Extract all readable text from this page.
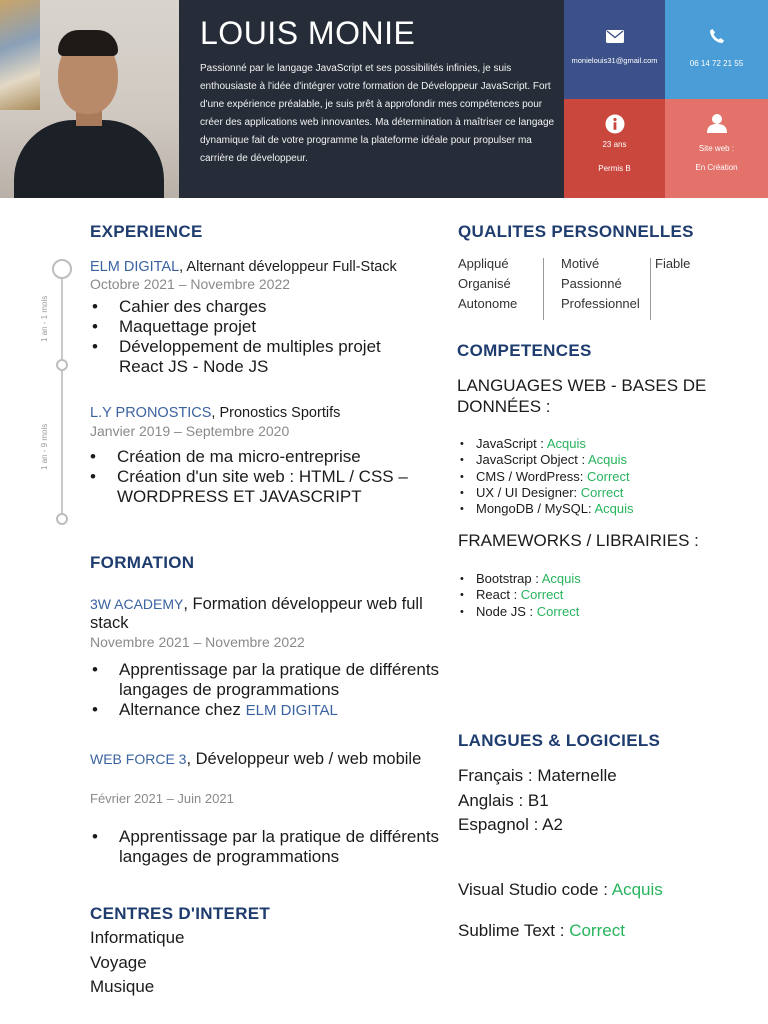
LOUIS MONIE

Passionné par le langage JavaScript et ses possibilités infinies, je suis enthousiaste à l'idée d'intégrer votre formation de Développeur JavaScript. Fort d'une expérience préalable, je suis prêt à approfondir mes compétences pour créer des applications web innovantes. Ma détermination à maîtriser ce langage dynamique fait de votre programme la plateforme idéale pour propulser ma carrière de développeur.

monielouis31@gmail.com	06 14 72 21 55
23 ans
Permis B
Site web :
En Création
EXPERIENCE
1 an - 1 mois
1 an - 9 mois
ELM DIGITAL, Alternant développeur Full-Stack
Octobre 2021 – Novembre 2022
• Cahier des charges
• Maquettage projet
• Développement de multiples projet React JS - Node JS
L.Y PRONOSTICS, Pronostics Sportifs
Janvier 2019 – Septembre 2020
• Création de ma micro-entreprise
• Création d'un site web : HTML / CSS – WORDPRESS ET JAVASCRIPT
FORMATION
3W ACADEMY, Formation développeur web full stack
Novembre 2021 – Novembre 2022
• Apprentissage par la pratique de différents langages de programmations
• Alternance chez ELM DIGITAL
WEB FORCE 3, Développeur web / web mobile
Février 2021 – Juin 2021
• Apprentissage par la pratique de différents langages de programmations
CENTRES D'INTERET
Informatique
Voyage
Musique
QUALITES PERSONNELLES
Appliqué
Organisé
Autonome
Motivé
Passionné
Professionnel
Fiable
COMPETENCES
LANGUAGES WEB - BASES DE DONNÉES :
• JavaScript : Acquis
• JavaScript Object : Acquis
• CMS / WordPress: Correct
• UX / UI Designer: Correct
• MongoDB / MySQL: Acquis
FRAMEWORKS / LIBRAIRIES :
• Bootstrap : Acquis
• React : Correct
• Node JS : Correct
LANGUES & LOGICIELS
Français : Maternelle
Anglais : B1
Espagnol : A2
Visual Studio code : Acquis
Sublime Text : Correct
